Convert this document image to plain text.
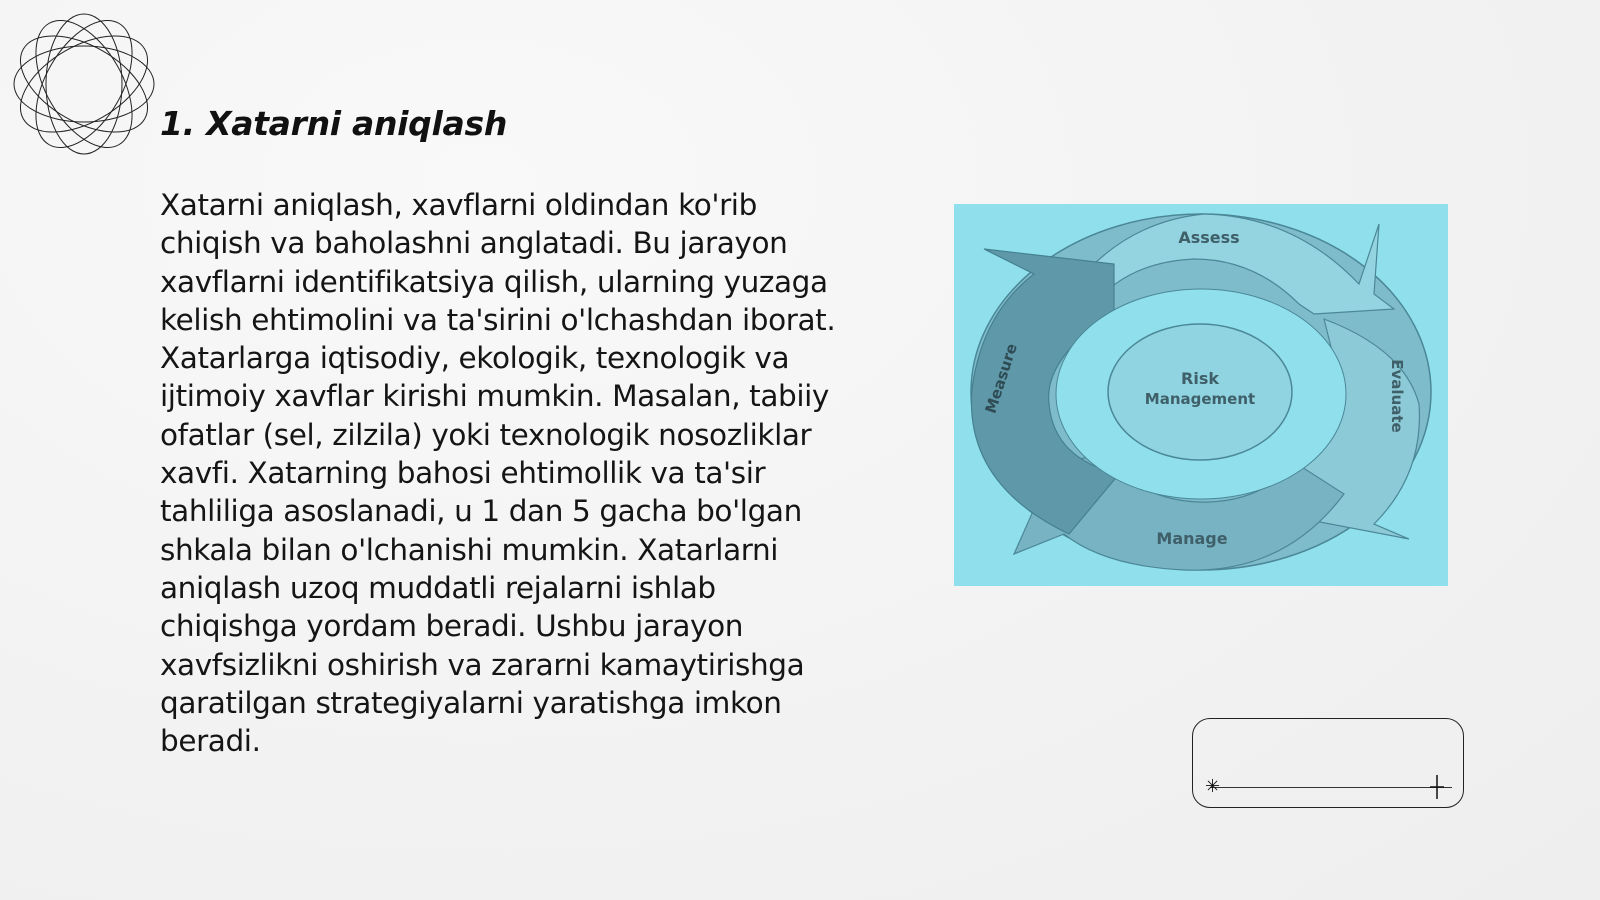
1. Xatarni aniqlash

Xatarni aniqlash, xavflarni oldindan ko'rib chiqish va baholashni anglatadi. Bu jarayon xavflarni identifikatsiya qilish, ularning yuzaga kelish ehtimolini va ta'sirini o'lchashdan iborat. Xatarlarga iqtisodiy, ekologik, texnologik va ijtimoiy xavflar kirishi mumkin. Masalan, tabiiy ofatlar (sel, zilzila) yoki texnologik nosozliklar xavfi. Xatarning bahosi ehtimollik va ta'sir tahliliga asoslanadi, u 1 dan 5 gacha bo'lgan shkala bilan o'lchanishi mumkin. Xatarlarni aniqlash uzoq muddatli rejalarni ishlab chiqishga yordam beradi. Ushbu jarayon xavfsizlikni oshirish va zararni kamaytirishga qaratilgan strategiyalarni yaratishga imkon beradi.

Risk
Management
Assess
Manage
Evaluate
Measure
✳
